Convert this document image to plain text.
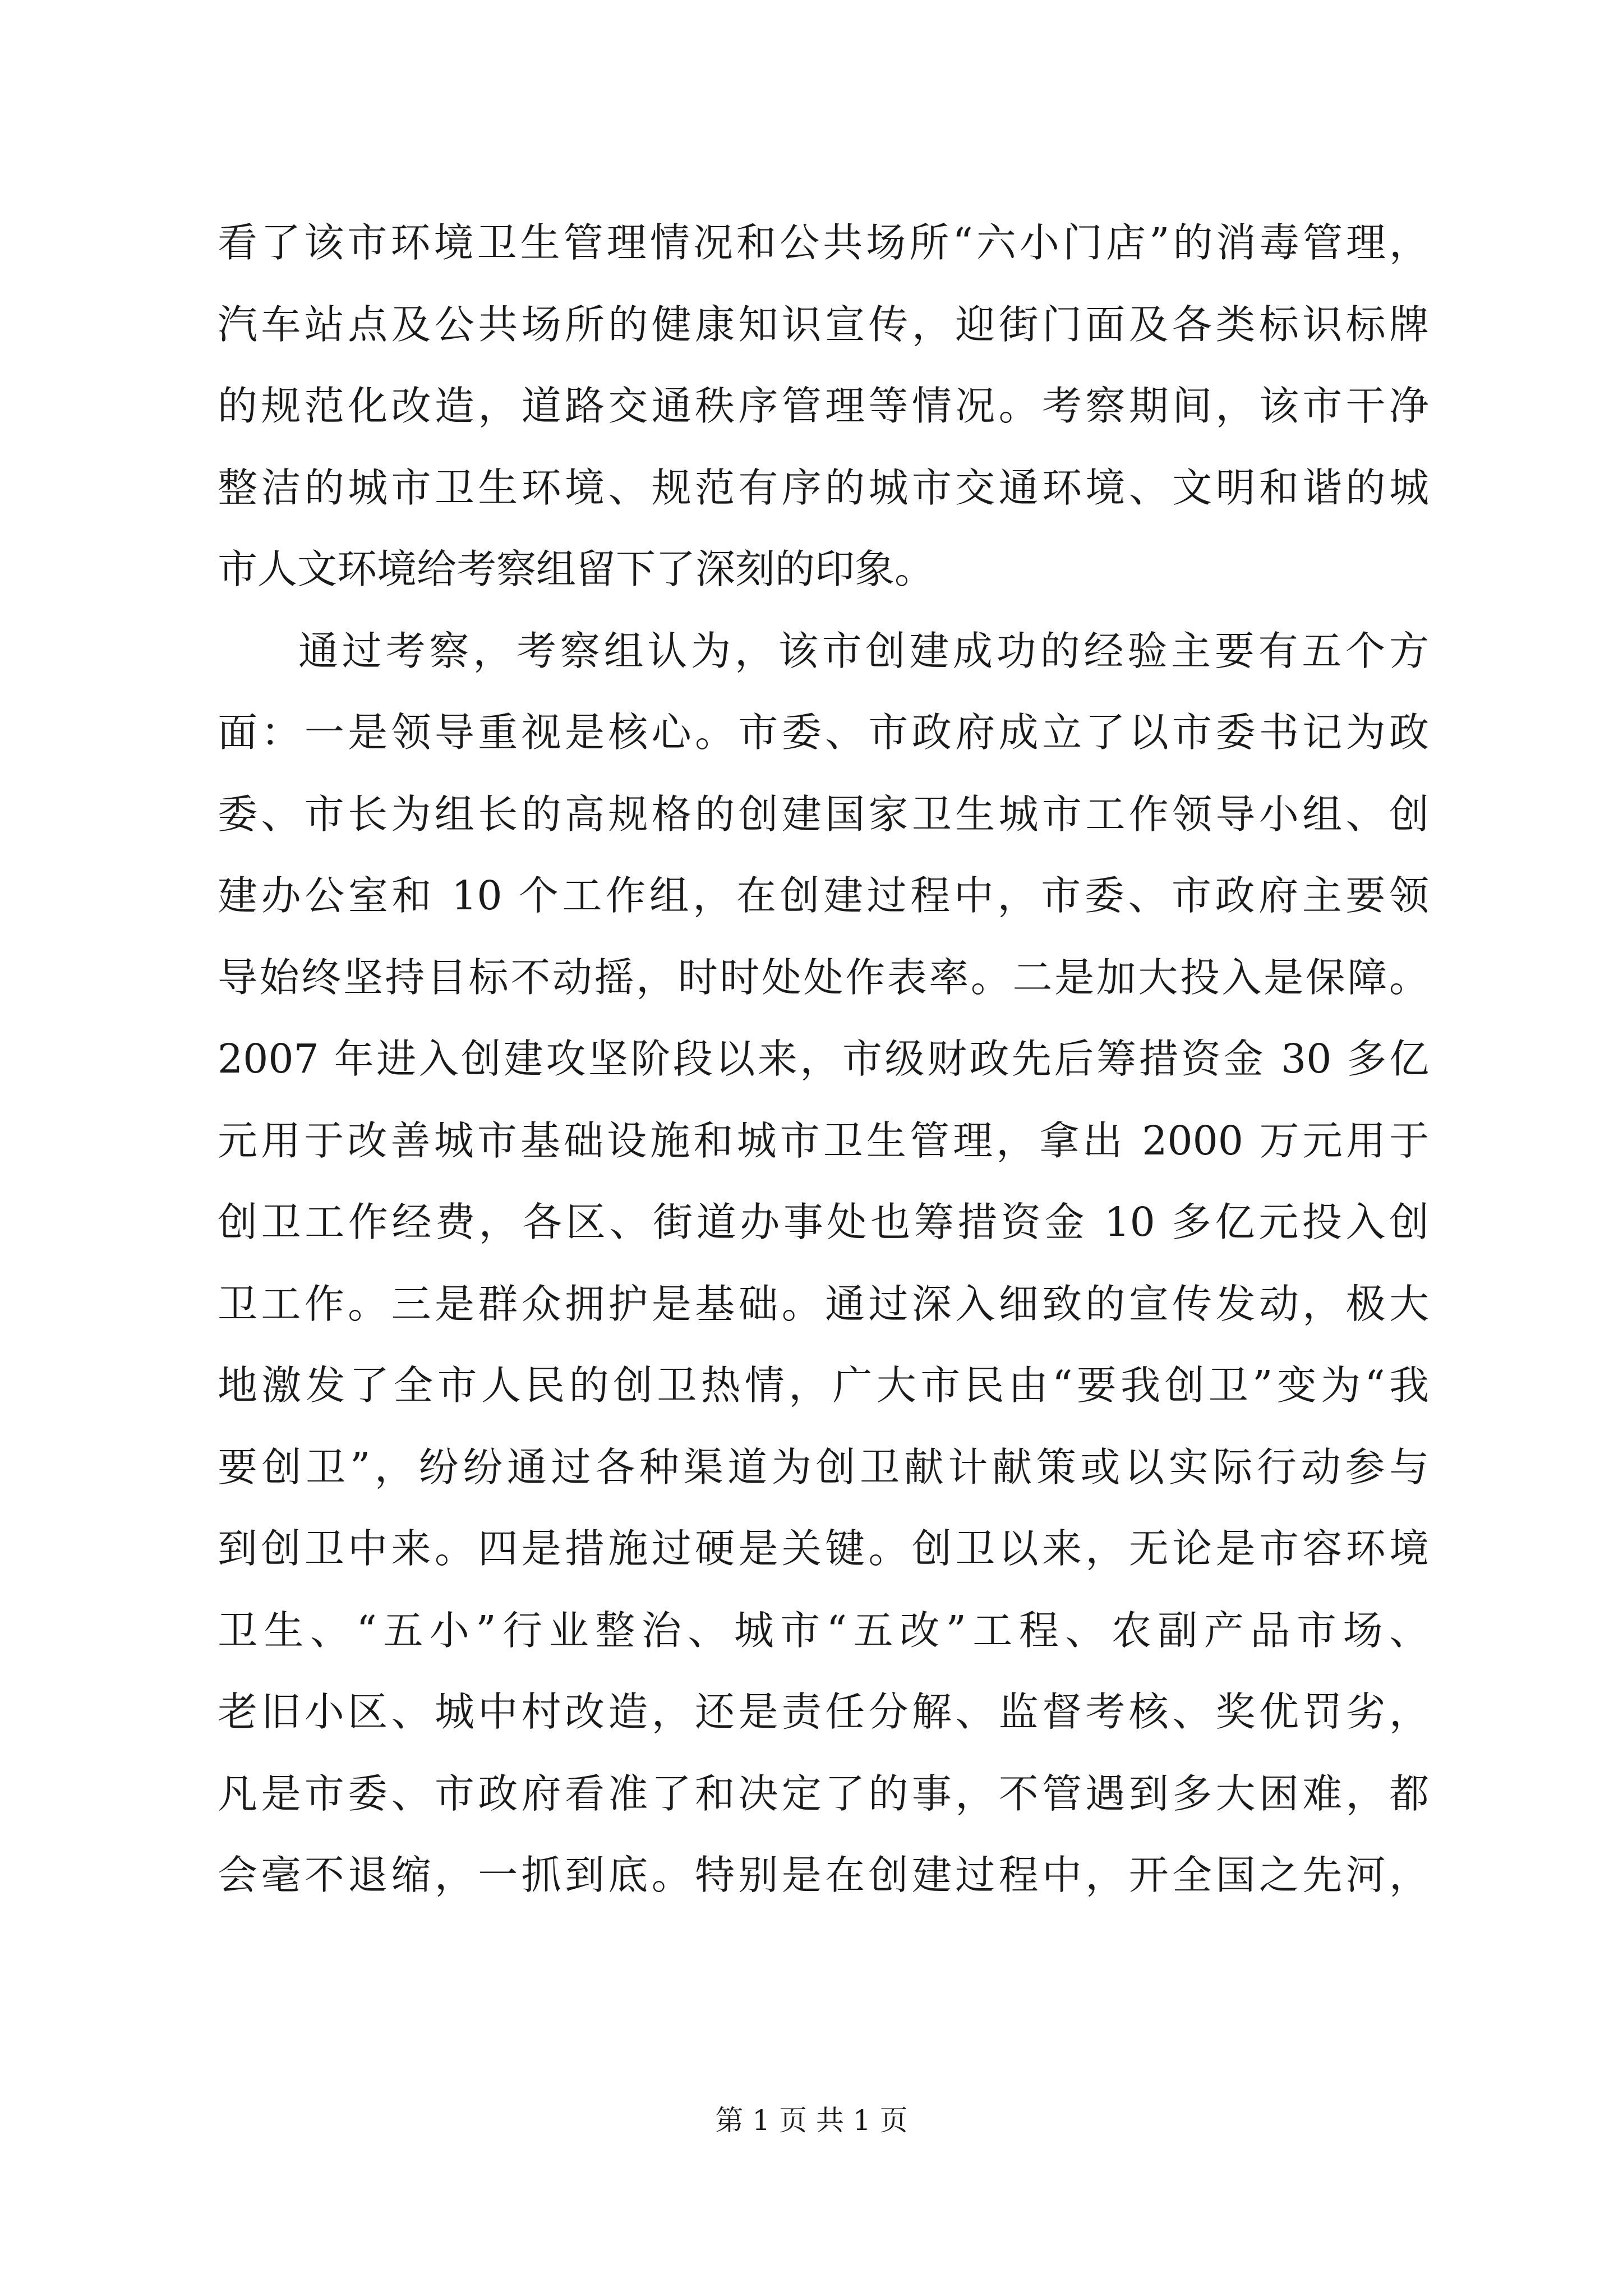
看了该市环境卫生管理情况和公共场所“六小门店”的消毒管理，
汽车站点及公共场所的健康知识宣传，迎街门面及各类标识标牌
的规范化改造，道路交通秩序管理等情况。考察期间，该市干净
整洁的城市卫生环境、规范有序的城市交通环境、文明和谐的城
市人文环境给考察组留下了深刻的印象。
通过考察，考察组认为，该市创建成功的经验主要有五个方
面：一是领导重视是核心。市委、市政府成立了以市委书记为政
委、市长为组长的高规格的创建国家卫生城市工作领导小组、创
建办公室和 10 个工作组，在创建过程中，市委、市政府主要领
导始终坚持目标不动摇，时时处处作表率。二是加大投入是保障。
2007 年进入创建攻坚阶段以来，市级财政先后筹措资金 30 多亿
元用于改善城市基础设施和城市卫生管理，拿出 2000 万元用于
创卫工作经费，各区、街道办事处也筹措资金 10 多亿元投入创
卫工作。三是群众拥护是基础。通过深入细致的宣传发动，极大
地激发了全市人民的创卫热情，广大市民由“要我创卫”变为“我
要创卫”，纷纷通过各种渠道为创卫献计献策或以实际行动参与
到创卫中来。四是措施过硬是关键。创卫以来，无论是市容环境
卫生、“五小”行业整治、城市“五改”工程、农副产品市场、
老旧小区、城中村改造，还是责任分解、监督考核、奖优罚劣，
凡是市委、市政府看准了和决定了的事，不管遇到多大困难，都
会毫不退缩，一抓到底。特别是在创建过程中，开全国之先河，
第 1 页 共 1 页
